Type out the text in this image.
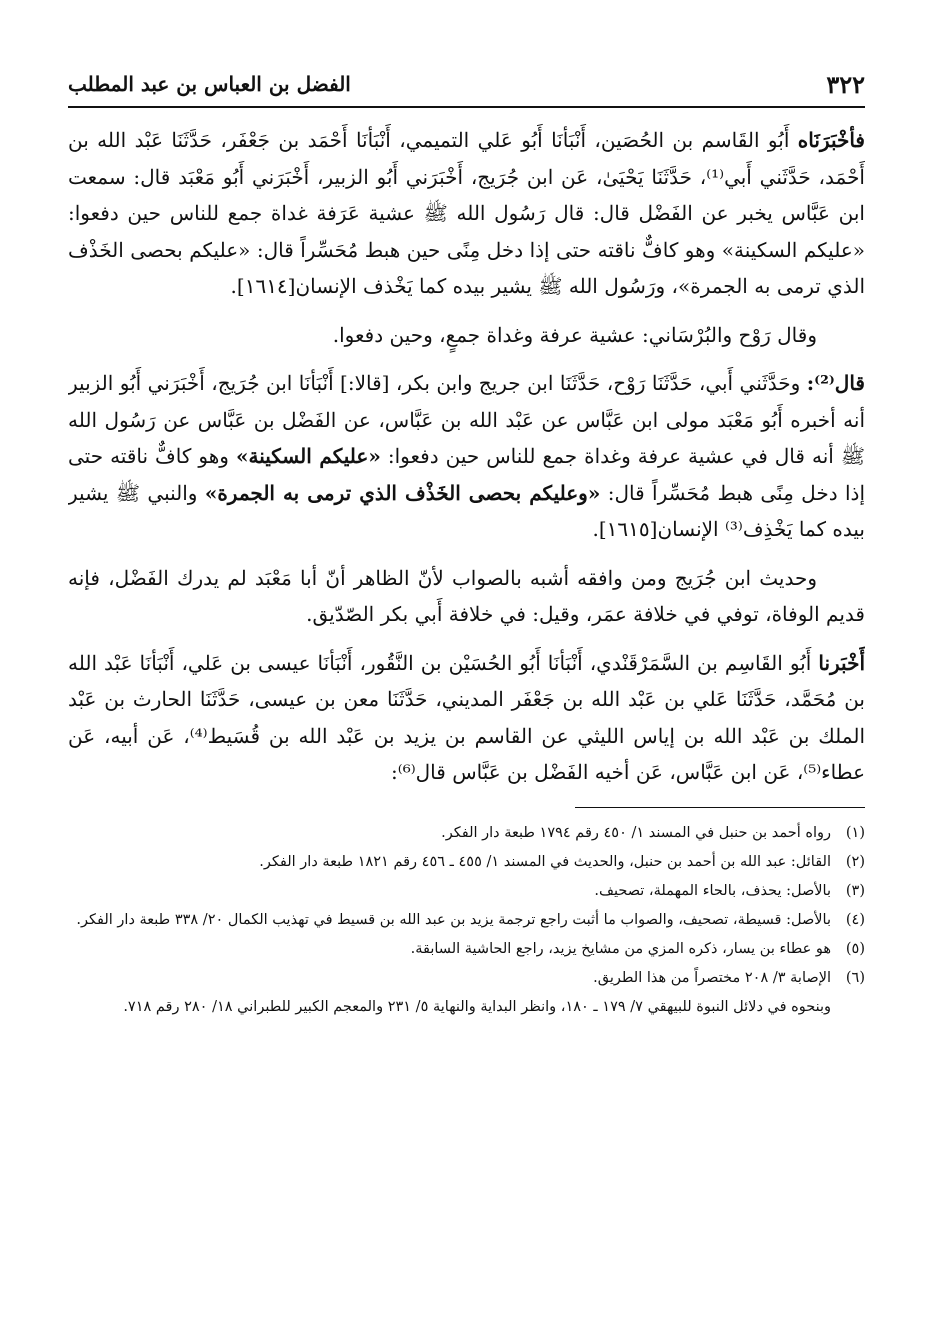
٣٢٢
الفضل بن العباس بن عبد المطلب

فأخْبَرَنَاه أَبُو القَاسم بن الحُصَين، أَنْبَأنَا أَبُو عَلي التميمي، أَنْبَأنَا أَحْمَد بن جَعْفَر، حَدَّثَنَا عَبْد الله بن أَحْمَد، حَدَّثَني أَبي⁽¹⁾، حَدَّثَنَا يَحْيَىٰ، عَن ابن جُرَيج، أَخْبَرَني أَبُو الزبير، أَخْبَرَني أَبُو مَعْبَد قال: سمعت ابن عَبَّاس يخبر عن الفَضْل قال: قال رَسُول الله ﷺ عشية عَرَفة غداة جمع للناس حين دفعوا: «عليكم السكينة» وهو كافٌّ ناقته حتى إذا دخل مِنًى حين هبط مُحَسِّراً قال: «عليكم بحصى الخَذْف الذي ترمى به الجمرة»، ورَسُول الله ﷺ يشير بيده كما يَخْذف الإنسان[١٦١٤].

وقال رَوْح والبُرْسَاني: عشية عرفة وغداة جمعٍ، وحين دفعوا.

قال⁽²⁾: وحَدَّثَني أَبي، حَدَّثَنَا رَوْح، حَدَّثَنَا ابن جريج وابن بكر، [قالا:] أَنْبَأنَا ابن جُرَيج، أَخْبَرَني أَبُو الزبير أنه أخبره أَبُو مَعْبَد مولى ابن عَبَّاس عن عَبْد الله بن عَبَّاس، عن الفَضْل بن عَبَّاس عن رَسُول الله ﷺ أنه قال في عشية عرفة وغداة جمع للناس حين دفعوا: «عليكم السكينة» وهو كافٌّ ناقته حتى إذا دخل مِنًى هبط مُحَسِّراً قال: «وعليكم بحصى الخَذْف الذي ترمى به الجمرة» والنبي ﷺ يشير بيده كما يَخْذِف⁽³⁾ الإنسان[١٦١٥].

وحديث ابن جُرَيج ومن وافقه أشبه بالصواب لأنّ الظاهر أنّ أبا مَعْبَد لم يدرك الفَضْل، فإنه قديم الوفاة، توفي في خلافة عمَر، وقيل: في خلافة أَبي بكر الصّدّيق.

أَخْبَرنا أَبُو القَاسِم بن السَّمَرْقَنْدي، أَنْبَأنَا أَبُو الحُسَيْن بن النَّقُور، أَنْبَأنَا عيسى بن عَلي، أَنْبَأنَا عَبْد الله بن مُحَمَّد، حَدَّثَنَا عَلي بن عَبْد الله بن جَعْفَر المديني، حَدَّثَنَا معن بن عيسى، حَدَّثَنَا الحارث بن عَبْد الملك بن عَبْد الله بن إياس الليثي عن القاسم بن يزيد بن عَبْد الله بن قُسَيط⁽⁴⁾، عَن أبيه، عَن عطاء⁽⁵⁾، عَن ابن عَبَّاس، عَن أخيه الفَضْل بن عَبَّاس قال⁽⁶⁾:

(١)
رواه أحمد بن حنبل في المسند ١/ ٤٥٠ رقم ١٧٩٤ طبعة دار الفكر.
(٢)
القائل: عبد الله بن أحمد بن حنبل، والحديث في المسند ١/ ٤٥٥ ـ ٤٥٦ رقم ١٨٢١ طبعة دار الفكر.
(٣)
بالأصل: يحذف، بالحاء المهملة، تصحيف.
(٤)
بالأصل: قسيطة، تصحيف، والصواب ما أثبت راجع ترجمة يزيد بن عبد الله بن قسيط في تهذيب الكمال ٢٠/ ٣٣٨ طبعة دار الفكر.
(٥)
هو عطاء بن يسار، ذكره المزي من مشايخ يزيد، راجع الحاشية السابقة.
(٦)
الإصابة ٣/ ٢٠٨ مختصراً من هذا الطريق.
وبنحوه في دلائل النبوة للبيهقي ٧/ ١٧٩ ـ ١٨٠، وانظر البداية والنهاية ٥/ ٢٣١ والمعجم الكبير للطبراني ١٨/ ٢٨٠ رقم ٧١٨.
